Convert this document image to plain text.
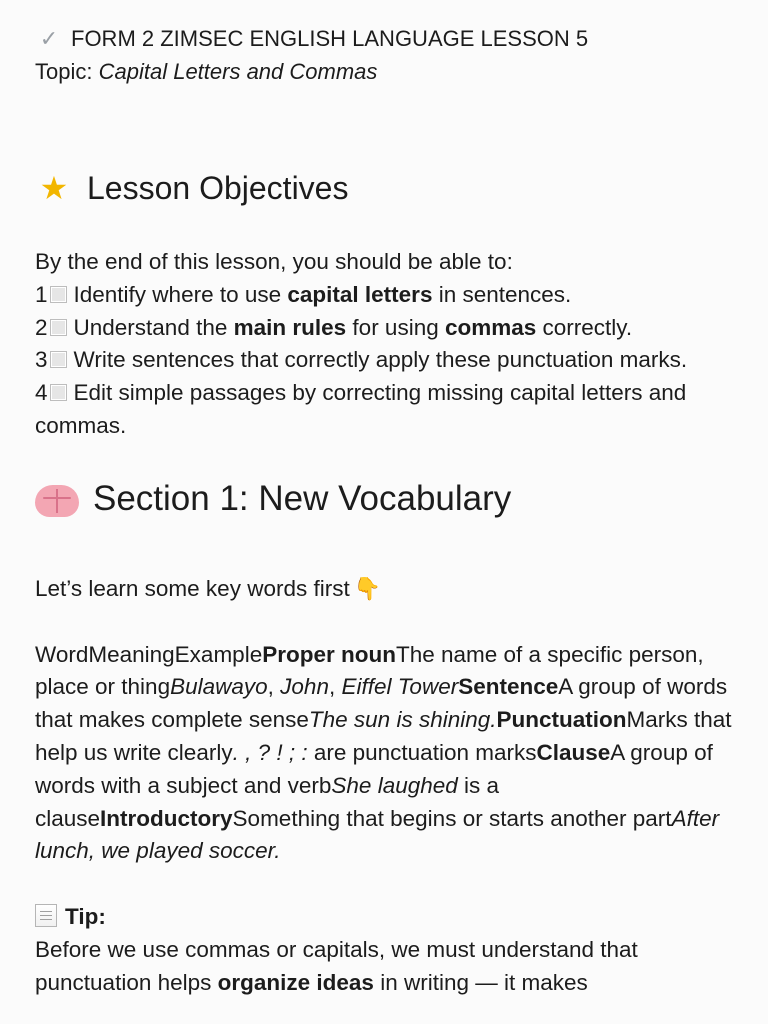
✓ FORM 2 ZIMSEC ENGLISH LANGUAGE LESSON 5
Topic: Capital Letters and Commas
★ Lesson Objectives

By the end of this lesson, you should be able to:
1 Identify where to use capital letters in sentences.
2 Understand the main rules for using commas correctly.
3 Write sentences that correctly apply these punctuation marks.
4 Edit simple passages by correcting missing capital letters and commas.

Section 1: New Vocabulary

Let’s learn some key words first 👇

WordMeaningExampleProper nounThe name of a specific person, place or thingBulawayo, John, Eiffel TowerSentenceA group of words that makes complete senseThe sun is shining.PunctuationMarks that help us write clearly. , ? ! ; : are punctuation marksClauseA group of words with a subject and verbShe laughed is a clauseIntroductorySomething that begins or starts another partAfter lunch, we played soccer.

Tip:

Before we use commas or capitals, we must understand that punctuation helps organize ideas in writing — it makes
